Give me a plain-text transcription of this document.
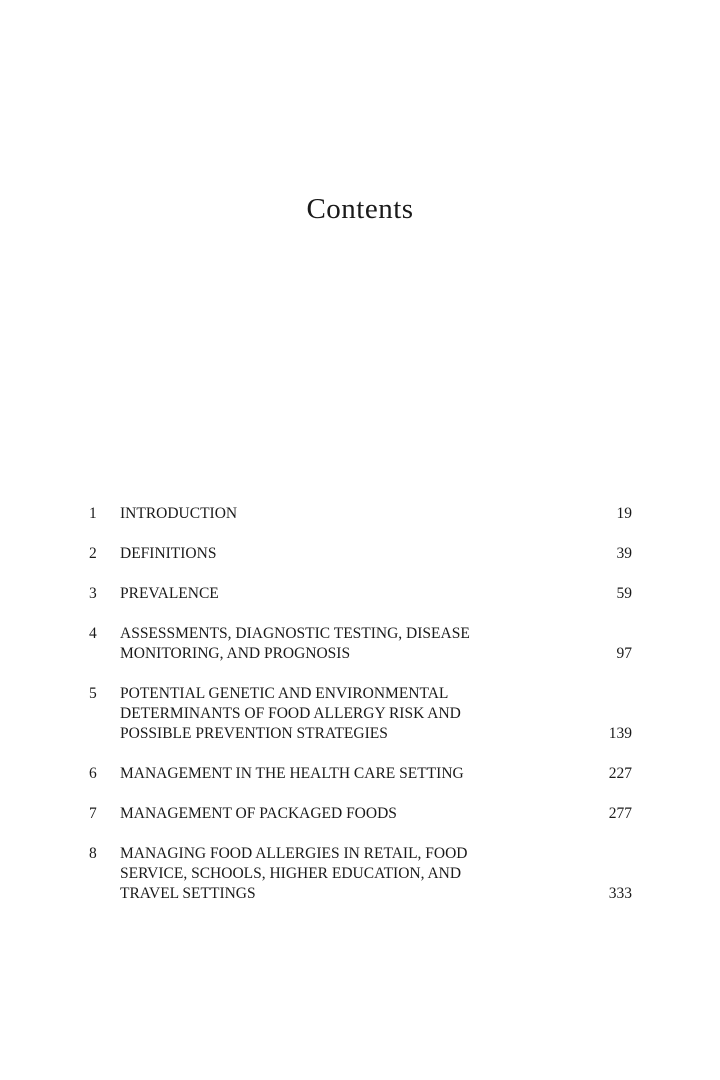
Contents
1	INTRODUCTION	19
2	DEFINITIONS	39
3	PREVALENCE	59
4	ASSESSMENTS, DIAGNOSTIC TESTING, DISEASE
MONITORING, AND PROGNOSIS	97
5	POTENTIAL GENETIC AND ENVIRONMENTAL
DETERMINANTS OF FOOD ALLERGY RISK AND
POSSIBLE PREVENTION STRATEGIES	139
6	MANAGEMENT IN THE HEALTH CARE SETTING	227
7	MANAGEMENT OF PACKAGED FOODS	277
8	MANAGING FOOD ALLERGIES IN RETAIL, FOOD
SERVICE, SCHOOLS, HIGHER EDUCATION, AND
TRAVEL SETTINGS	333
